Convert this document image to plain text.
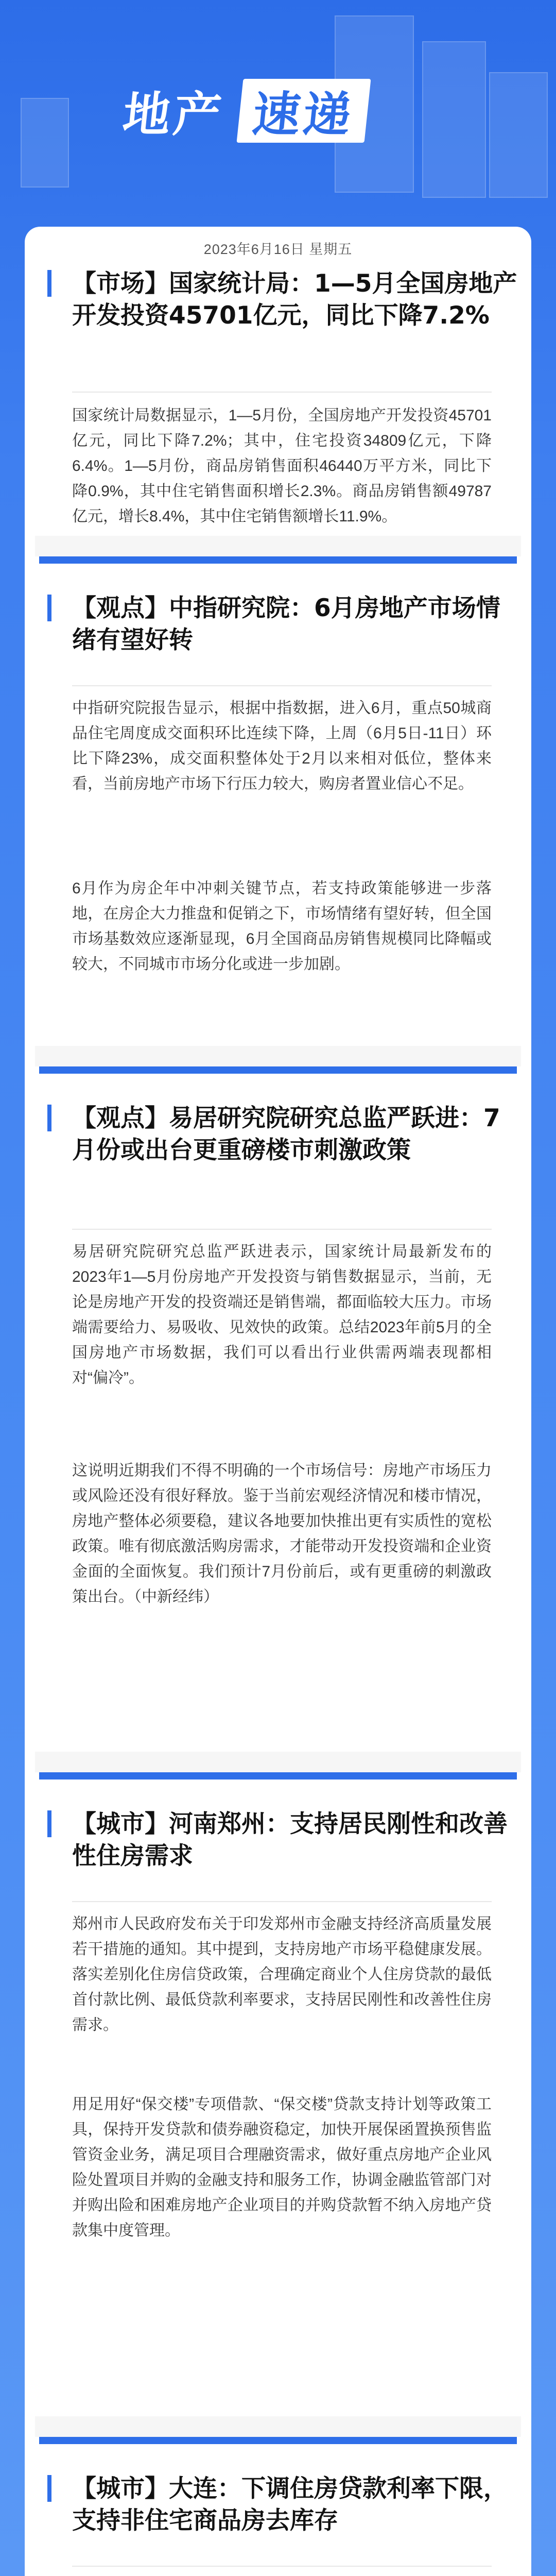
地产 速递
2023年6月16日 星期五
【市场】国家统计局：1—5月全国房地产开发投资45701亿元，同比下降7.2%

国家统计局数据显示，1—5月份，全国房地产开发投资45701亿元，同比下降7.2%；其中，住宅投资34809亿元，下降6.4%。1—5月份，商品房销售面积46440万平方米，同比下降0.9%，其中住宅销售面积增长2.3%。商品房销售额49787亿元，增长8.4%，其中住宅销售额增长11.9%。

【观点】中指研究院：6月房地产市场情绪有望好转

中指研究院报告显示，根据中指数据，进入6月，重点50城商品住宅周度成交面积环比连续下降，上周（6月5日-11日）环比下降23%，成交面积整体处于2月以来相对低位，整体来看，当前房地产市场下行压力较大，购房者置业信心不足。

6月作为房企年中冲刺关键节点，若支持政策能够进一步落地，在房企大力推盘和促销之下，市场情绪有望好转，但全国市场基数效应逐渐显现，6月全国商品房销售规模同比降幅或较大，不同城市市场分化或进一步加剧。

【观点】易居研究院研究总监严跃进：7月份或出台更重磅楼市刺激政策

易居研究院研究总监严跃进表示，国家统计局最新发布的2023年1—5月份房地产开发投资与销售数据显示，当前，无论是房地产开发的投资端还是销售端，都面临较大压力。市场端需要给力、易吸收、见效快的政策。总结2023年前5月的全国房地产市场数据，我们可以看出行业供需两端表现都相对“偏冷”。

这说明近期我们不得不明确的一个市场信号：房地产市场压力或风险还没有很好释放。鉴于当前宏观经济情况和楼市情况，房地产整体必须要稳，建议各地要加快推出更有实质性的宽松政策。唯有彻底激活购房需求，才能带动开发投资端和企业资金面的全面恢复。我们预计7月份前后，或有更重磅的刺激政策出台。（中新经纬）

【城市】河南郑州：支持居民刚性和改善性住房需求

郑州市人民政府发布关于印发郑州市金融支持经济高质量发展若干措施的通知。其中提到，支持房地产市场平稳健康发展。落实差别化住房信贷政策，合理确定商业个人住房贷款的最低首付款比例、最低贷款利率要求，支持居民刚性和改善性住房需求。

用足用好“保交楼”专项借款、“保交楼”贷款支持计划等政策工具，保持开发贷款和债券融资稳定，加快开展保函置换预售监管资金业务，满足项目合理融资需求，做好重点房地产企业风险处置项目并购的金融支持和服务工作，协调金融监管部门对并购出险和困难房地产企业项目的并购贷款暂不纳入房地产贷款集中度管理。

【城市】大连：下调住房贷款利率下限，支持非住宅商品房去库存
